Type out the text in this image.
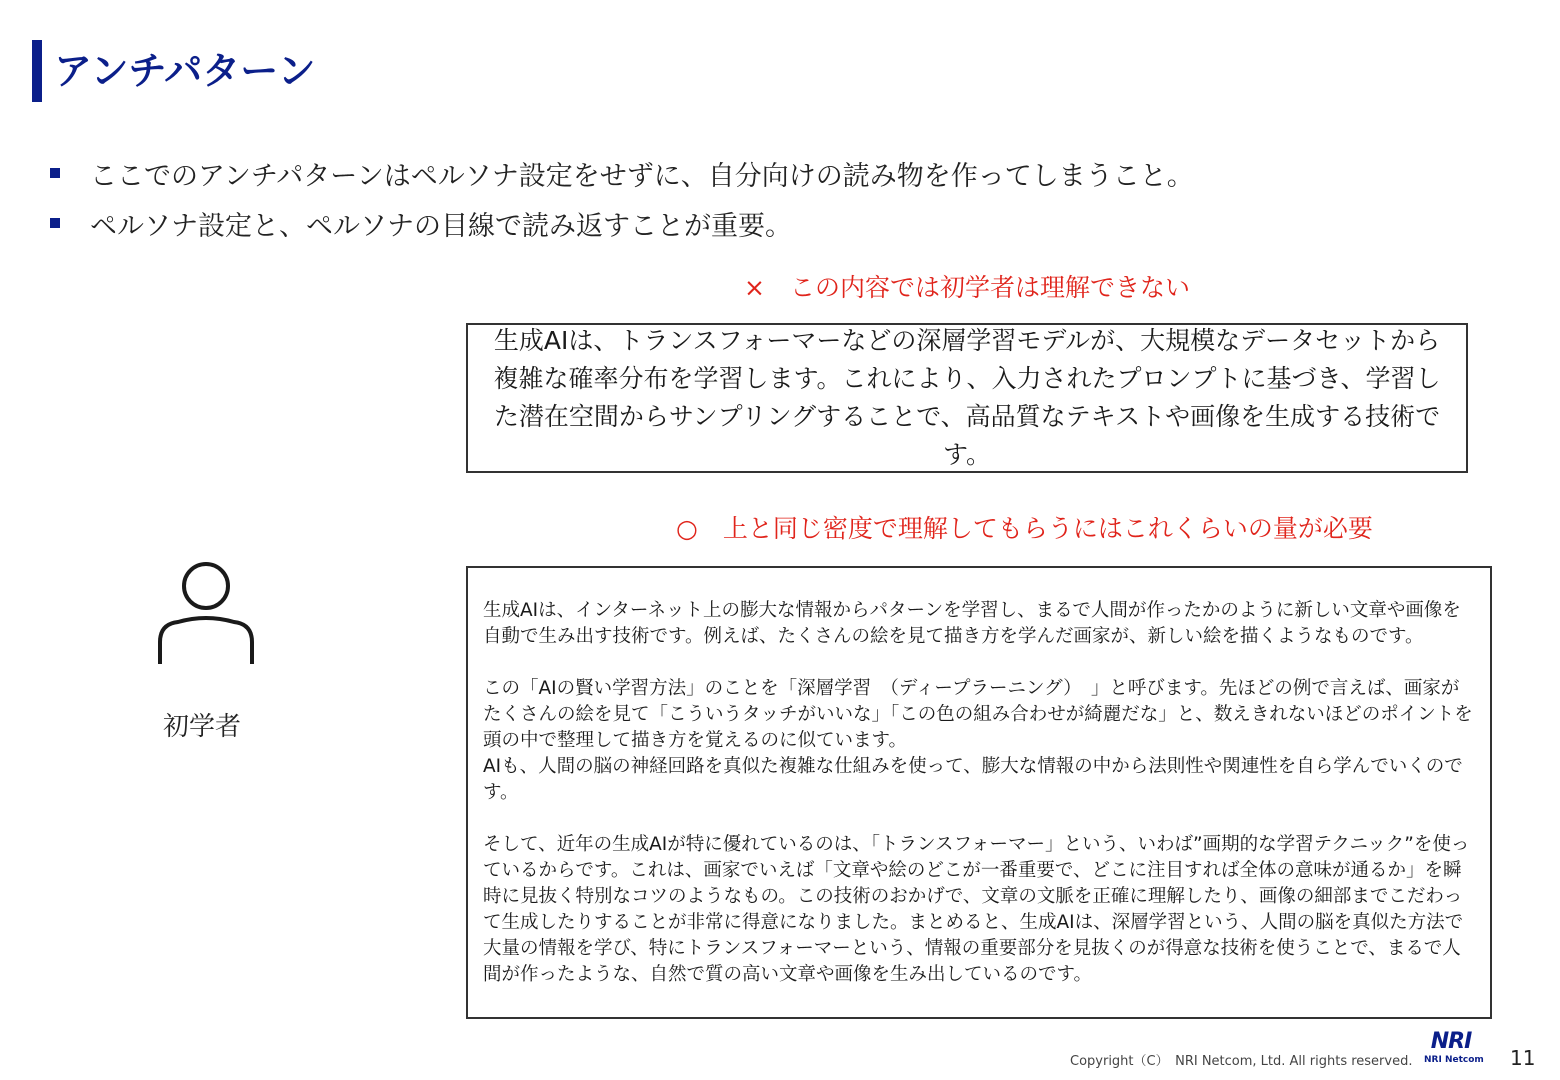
アンチパターン
ここでのアンチパターンはペルソナ設定をせずに、自分向けの読み物を作ってしまうこと。
ペルソナ設定と、ペルソナの目線で読み返すことが重要。
×　この内容では初学者は理解できない
生成AIは、トランスフォーマーなどの深層学習モデルが、大規模なデータセットから複雑な確率分布を学習します。これにより、入力されたプロンプトに基づき、学習した潜在空間からサンプリングすることで、高品質なテキストや画像を生成する技術です。
○　上と同じ密度で理解してもらうにはこれくらいの量が必要

生成AIは、インターネット上の膨大な情報からパターンを学習し、まるで人間が作ったかのように新しい文章や画像を自動で生み出す技術です。例えば、たくさんの絵を見て描き方を学んだ画家が、新しい絵を描くようなものです。

この「AIの賢い学習方法」のことを「深層学習　（ディープラーニング）　」と呼びます。先ほどの例で言えば、画家がたくさんの絵を見て「こういうタッチがいいな」「この色の組み合わせが綺麗だな」と、数えきれないほどのポイントを頭の中で整理して描き方を覚えるのに似ています。
AIも、人間の脳の神経回路を真似た複雑な仕組みを使って、膨大な情報の中から法則性や関連性を自ら学んでいくのです。

そして、近年の生成AIが特に優れているのは、「トランスフォーマー」という、いわば”画期的な学習テクニック”を使っているからです。これは、画家でいえば「文章や絵のどこが一番重要で、どこに注目すれば全体の意味が通るか」を瞬時に見抜く特別なコツのようなもの。この技術のおかげで、文章の文脈を正確に理解したり、画像の細部までこだわって生成したりすることが非常に得意になりました。まとめると、生成AIは、深層学習という、人間の脳を真似た方法で大量の情報を学び、特にトランスフォーマーという、情報の重要部分を見抜くのが得意な技術を使うことで、まるで人間が作ったような、自然で質の高い文章や画像を生み出しているのです。

初学者
Copyright（C）　NRI Netcom, Ltd. All rights reserved.
NRI
NRI Netcom 11
